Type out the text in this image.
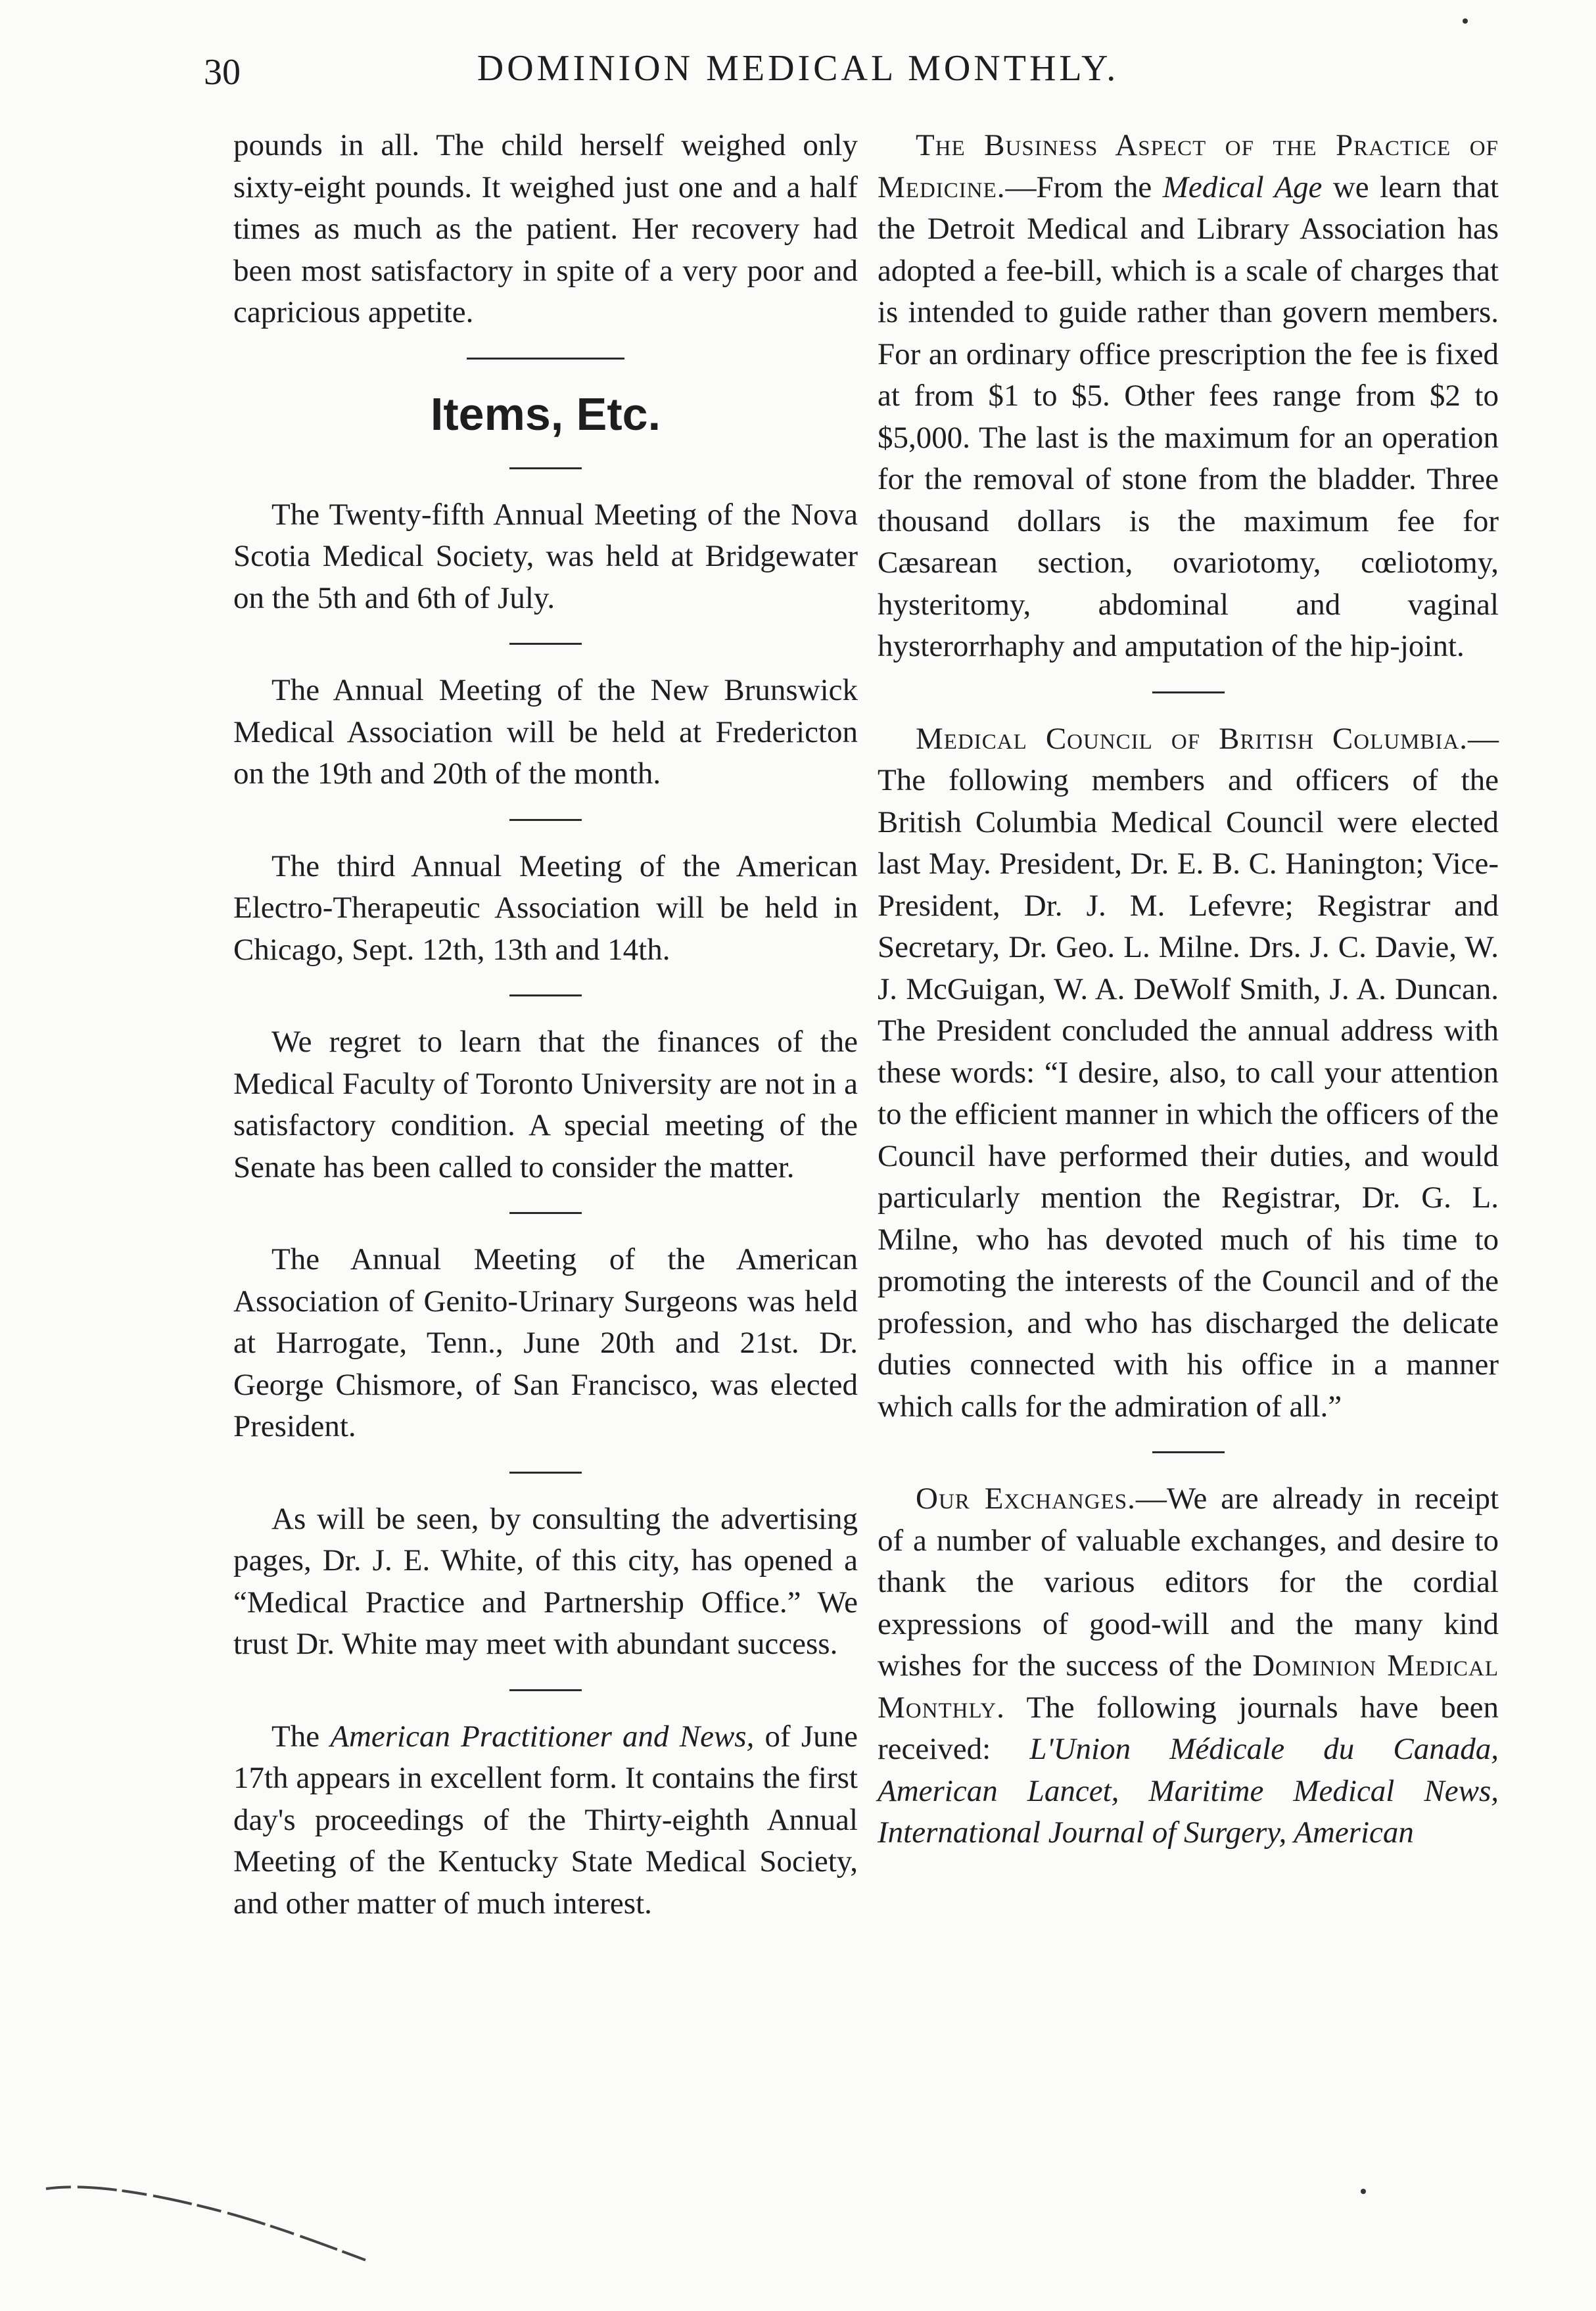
30	DOMINION MEDICAL MONTHLY.

pounds in all. The child herself weighed only sixty-eight pounds. It weighed just one and a half times as much as the patient. Her recovery had been most satisfactory in spite of a very poor and capricious appetite.

Items, Etc.

The Twenty-fifth Annual Meeting of the Nova Scotia Medical Society, was held at Bridgewater on the 5th and 6th of July.

The Annual Meeting of the New Brunswick Medical Association will be held at Fredericton on the 19th and 20th of the month.

The third Annual Meeting of the American Electro-Therapeutic Association will be held in Chicago, Sept. 12th, 13th and 14th.

We regret to learn that the finances of the Medical Faculty of Toronto University are not in a satisfactory condition. A special meeting of the Senate has been called to consider the matter.

The Annual Meeting of the American Association of Genito-Urinary Surgeons was held at Harrogate, Tenn., June 20th and 21st. Dr. George Chismore, of San Francisco, was elected President.

As will be seen, by consulting the advertising pages, Dr. J. E. White, of this city, has opened a “Medical Practice and Partnership Office.” We trust Dr. White may meet with abundant success.

The American Practitioner and News, of June 17th appears in excellent form. It contains the first day's proceedings of the Thirty-eighth Annual Meeting of the Kentucky State Medical Society, and other matter of much interest.

The Business Aspect of the Practice of Medicine.—From the Medical Age we learn that the Detroit Medical and Library Association has adopted a fee-bill, which is a scale of charges that is intended to guide rather than govern members. For an ordinary office prescription the fee is fixed at from $1 to $5. Other fees range from $2 to $5,000. The last is the maximum for an operation for the removal of stone from the bladder. Three thousand dollars is the maximum fee for Cæsarean section, ovariotomy, cœliotomy, hysteritomy, abdominal and vaginal hysterorrhaphy and amputation of the hip-joint.

Medical Council of British Columbia.—The following members and officers of the British Columbia Medical Council were elected last May. President, Dr. E. B. C. Hanington; Vice-President, Dr. J. M. Lefevre; Registrar and Secretary, Dr. Geo. L. Milne. Drs. J. C. Davie, W. J. McGuigan, W. A. DeWolf Smith, J. A. Duncan. The President concluded the annual address with these words: “I desire, also, to call your attention to the efficient manner in which the officers of the Council have performed their duties, and would particularly mention the Registrar, Dr. G. L. Milne, who has devoted much of his time to promoting the interests of the Council and of the profession, and who has discharged the delicate duties connected with his office in a manner which calls for the admiration of all.”

Our Exchanges.—We are already in receipt of a number of valuable exchanges, and desire to thank the various editors for the cordial expressions of good-will and the many kind wishes for the success of the Dominion Medical Monthly. The following journals have been received: L'Union Médicale du Canada, American Lancet, Maritime Medical News, International Journal of Surgery, American
